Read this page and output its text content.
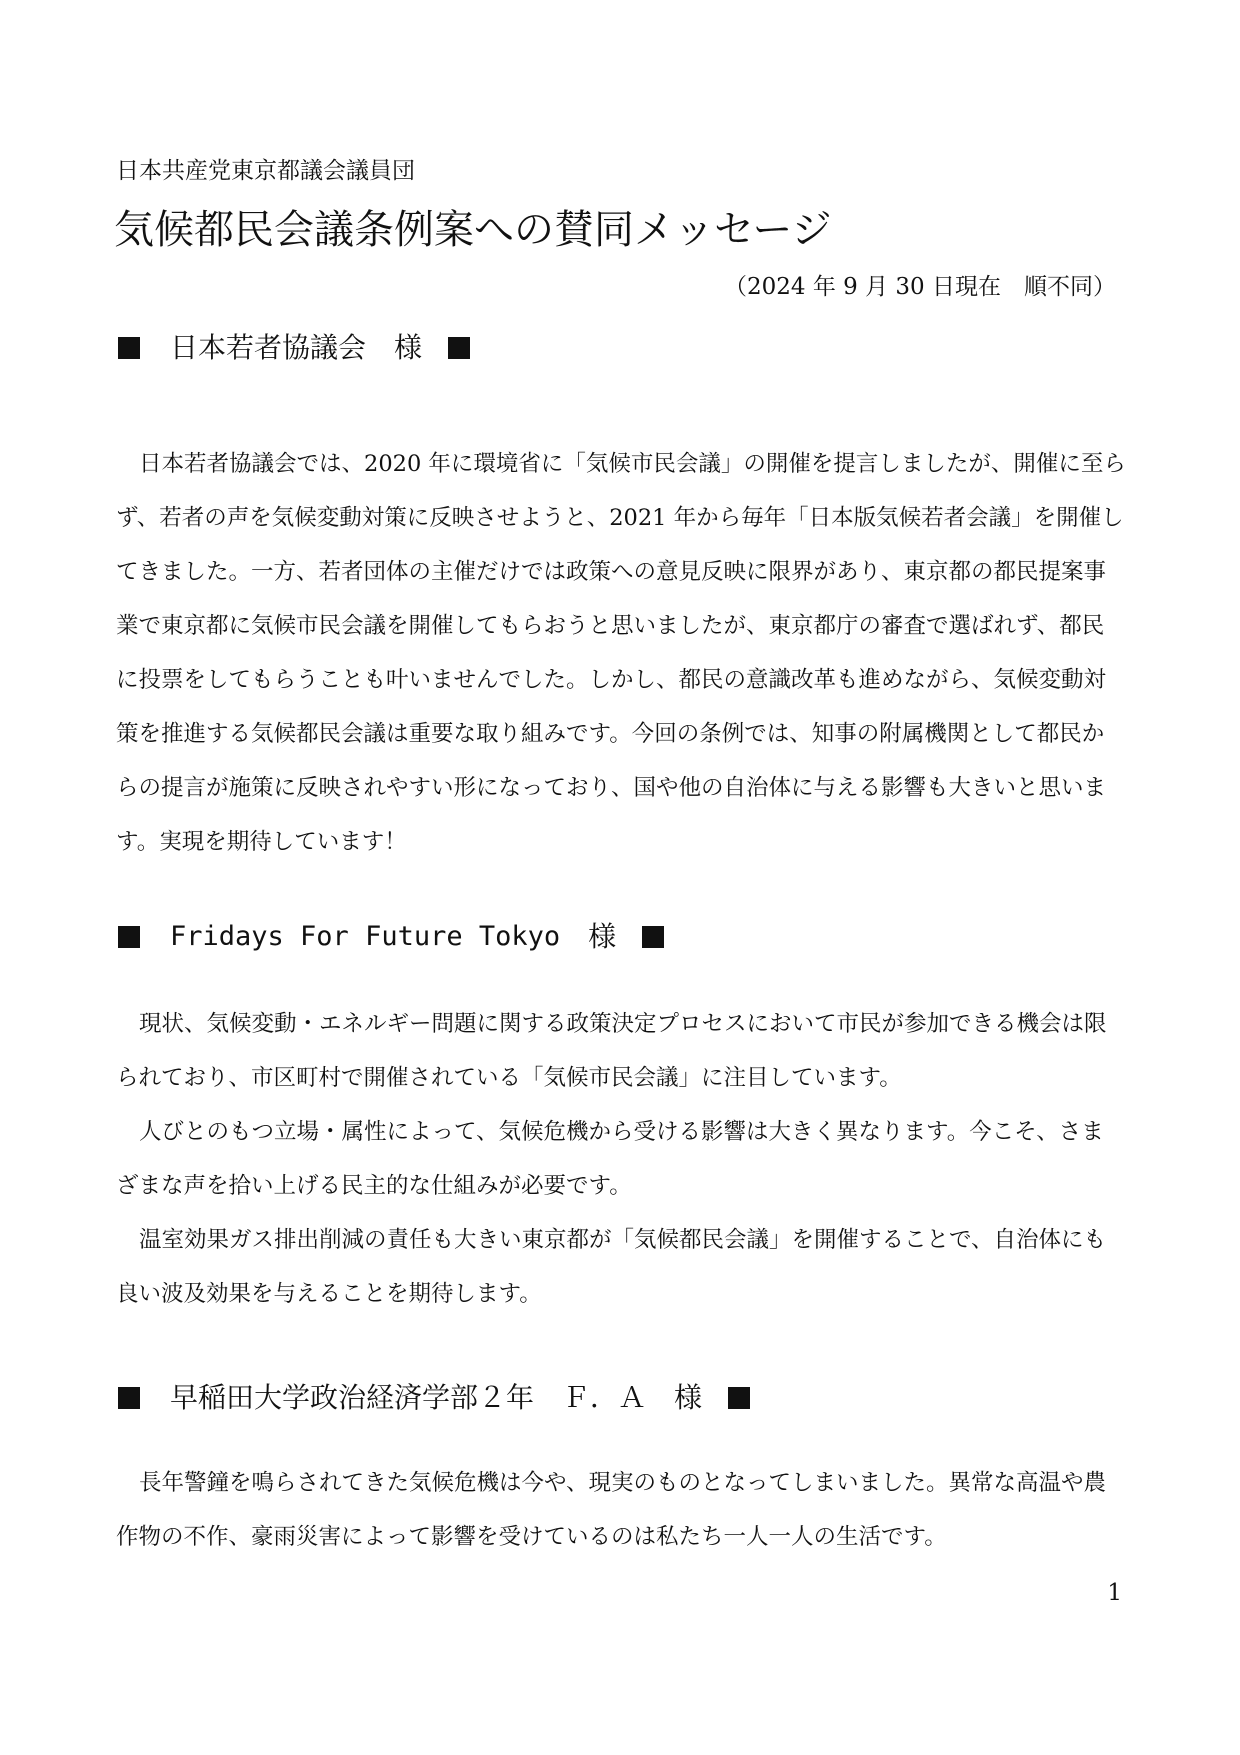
日本共産党東京都議会議員団
気候都民会議条例案への賛同メッセージ
（2024 年 9 月 30 日現在　順不同）
日本若者協議会 様

日本若者協議会では、2020 年に環境省に「気候市民会議」の開催を提言しましたが、開催に至らず、若者の声を気候変動対策に反映させようと、2021 年から毎年「日本版気候若者会議」を開催してきました。一方、若者団体の主催だけでは政策への意見反映に限界があり、東京都の都民提案事業で東京都に気候市民会議を開催してもらおうと思いましたが、東京都庁の審査で選ばれず、都民に投票をしてもらうことも叶いませんでした。しかし、都民の意識改革も進めながら、気候変動対策を推進する気候都民会議は重要な取り組みです。今回の条例では、知事の附属機関として都民からの提言が施策に反映されやすい形になっており、国や他の自治体に与える影響も大きいと思います。実現を期待しています！

Fridays For Future Tokyo 様

現状、気候変動・エネルギー問題に関する政策決定プロセスにおいて市民が参加できる機会は限られており、市区町村で開催されている「気候市民会議」に注目しています。

人びとのもつ立場・属性によって、気候危機から受ける影響は大きく異なります。今こそ、さまざまな声を拾い上げる民主的な仕組みが必要です。

温室効果ガス排出削減の責任も大きい東京都が「気候都民会議」を開催することで、自治体にも良い波及効果を与えることを期待します。

早稲田大学政治経済学部２年　Ｆ．Ａ 様

長年警鐘を鳴らされてきた気候危機は今や、現実のものとなってしまいました。異常な高温や農作物の不作、豪雨災害によって影響を受けているのは私たち一人一人の生活です。

1
